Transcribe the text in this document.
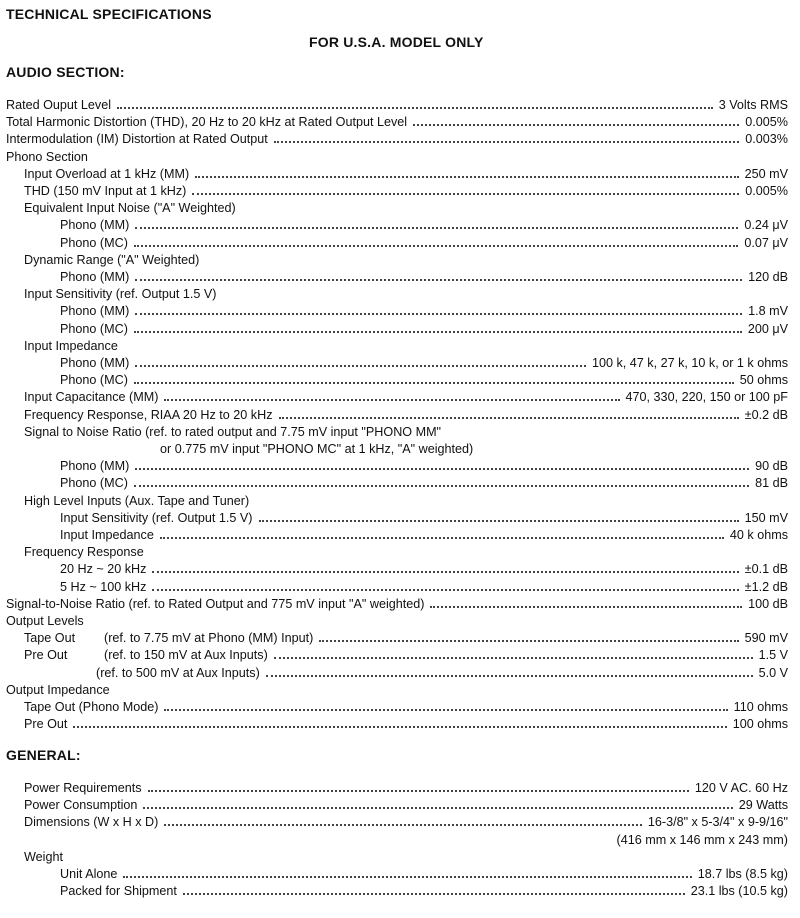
TECHNICAL SPECIFICATIONS
FOR U.S.A. MODEL ONLY
AUDIO SECTION:
Rated Ouput Level	3 Volts RMS
Total Harmonic Distortion (THD), 20 Hz to 20 kHz at Rated Output Level	0.005%
Intermodulation (IM) Distortion at Rated Output	0.003%
Phono Section
Input Overload at 1 kHz (MM)	250 mV
THD (150 mV Input at 1 kHz)	0.005%
Equivalent Input Noise ("A" Weighted)
Phono (MM)	0.24 μV
Phono (MC)	0.07 μV
Dynamic Range ("A" Weighted)
Phono (MM)	120 dB
Input Sensitivity (ref. Output 1.5 V)
Phono (MM)	1.8 mV
Phono (MC)	200 μV
Input Impedance
Phono (MM)	100 k, 47 k, 27 k, 10 k, or 1 k ohms
Phono (MC)	50 ohms
Input Capacitance (MM)	470, 330, 220, 150 or 100 pF
Frequency Response, RIAA 20 Hz to 20 kHz	±0.2 dB
Signal to Noise Ratio (ref. to rated output and 7.75 mV input "PHONO MM"
or 0.775 mV input "PHONO MC" at 1 kHz, "A" weighted)
Phono (MM)	90 dB
Phono (MC)	81 dB
High Level Inputs (Aux. Tape and Tuner)
Input Sensitivity (ref. Output 1.5 V)	150 mV
Input Impedance	40 k ohms
Frequency Response
20 Hz ~ 20 kHz	±0.1 dB
5 Hz ~ 100 kHz	±1.2 dB
Signal-to-Noise Ratio (ref. to Rated Output and 775 mV input "A" weighted)	100 dB
Output Levels
Tape Out (ref. to 7.75 mV at Phono (MM) Input)	590 mV
Pre Out	(ref. to 150 mV at Aux Inputs)	1.5 V
(ref. to 500 mV at Aux Inputs)	5.0 V
Output Impedance
Tape Out (Phono Mode)	110 ohms
Pre Out	100 ohms
GENERAL:
Power Requirements	120 V AC. 60 Hz
Power Consumption	29 Watts
Dimensions (W x H x D)	16-3/8" x 5-3/4" x 9-9/16"
(416 mm x 146 mm x 243 mm)
Weight
Unit Alone	18.7 lbs (8.5 kg)
Packed for Shipment	23.1 lbs (10.5 kg)
